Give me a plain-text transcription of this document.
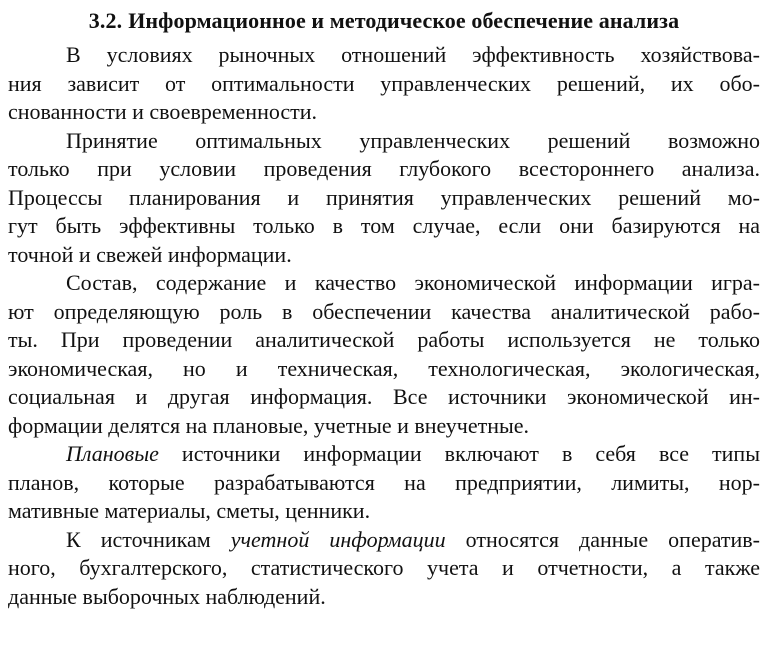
3.2. Информационное и методическое обеспечение анализа

В условиях рыночных отношений эффективность хозяйствова-
ния зависит от оптимальности управленческих решений, их обо-
снованности и своевременности.

Принятие оптимальных управленческих решений возможно
только при условии проведения глубокого всестороннего анализа.
Процессы планирования и принятия управленческих решений мо-
гут быть эффективны только в том случае, если они базируются на
точной и свежей информации.

Состав, содержание и качество экономической информации игра-
ют определяющую роль в обеспечении качества аналитической рабо-
ты. При проведении аналитической работы используется не только
экономическая, но и техническая, технологическая, экологическая,
социальная и другая информация. Все источники экономической ин-
формации делятся на плановые, учетные и внеучетные.

Плановые источники информации включают в себя все типы
планов, которые разрабатываются на предприятии, лимиты, нор-
мативные материалы, сметы, ценники.

К источникам учетной информации относятся данные оператив-
ного, бухгалтерского, статистического учета и отчетности, а также
данные выборочных наблюдений.
